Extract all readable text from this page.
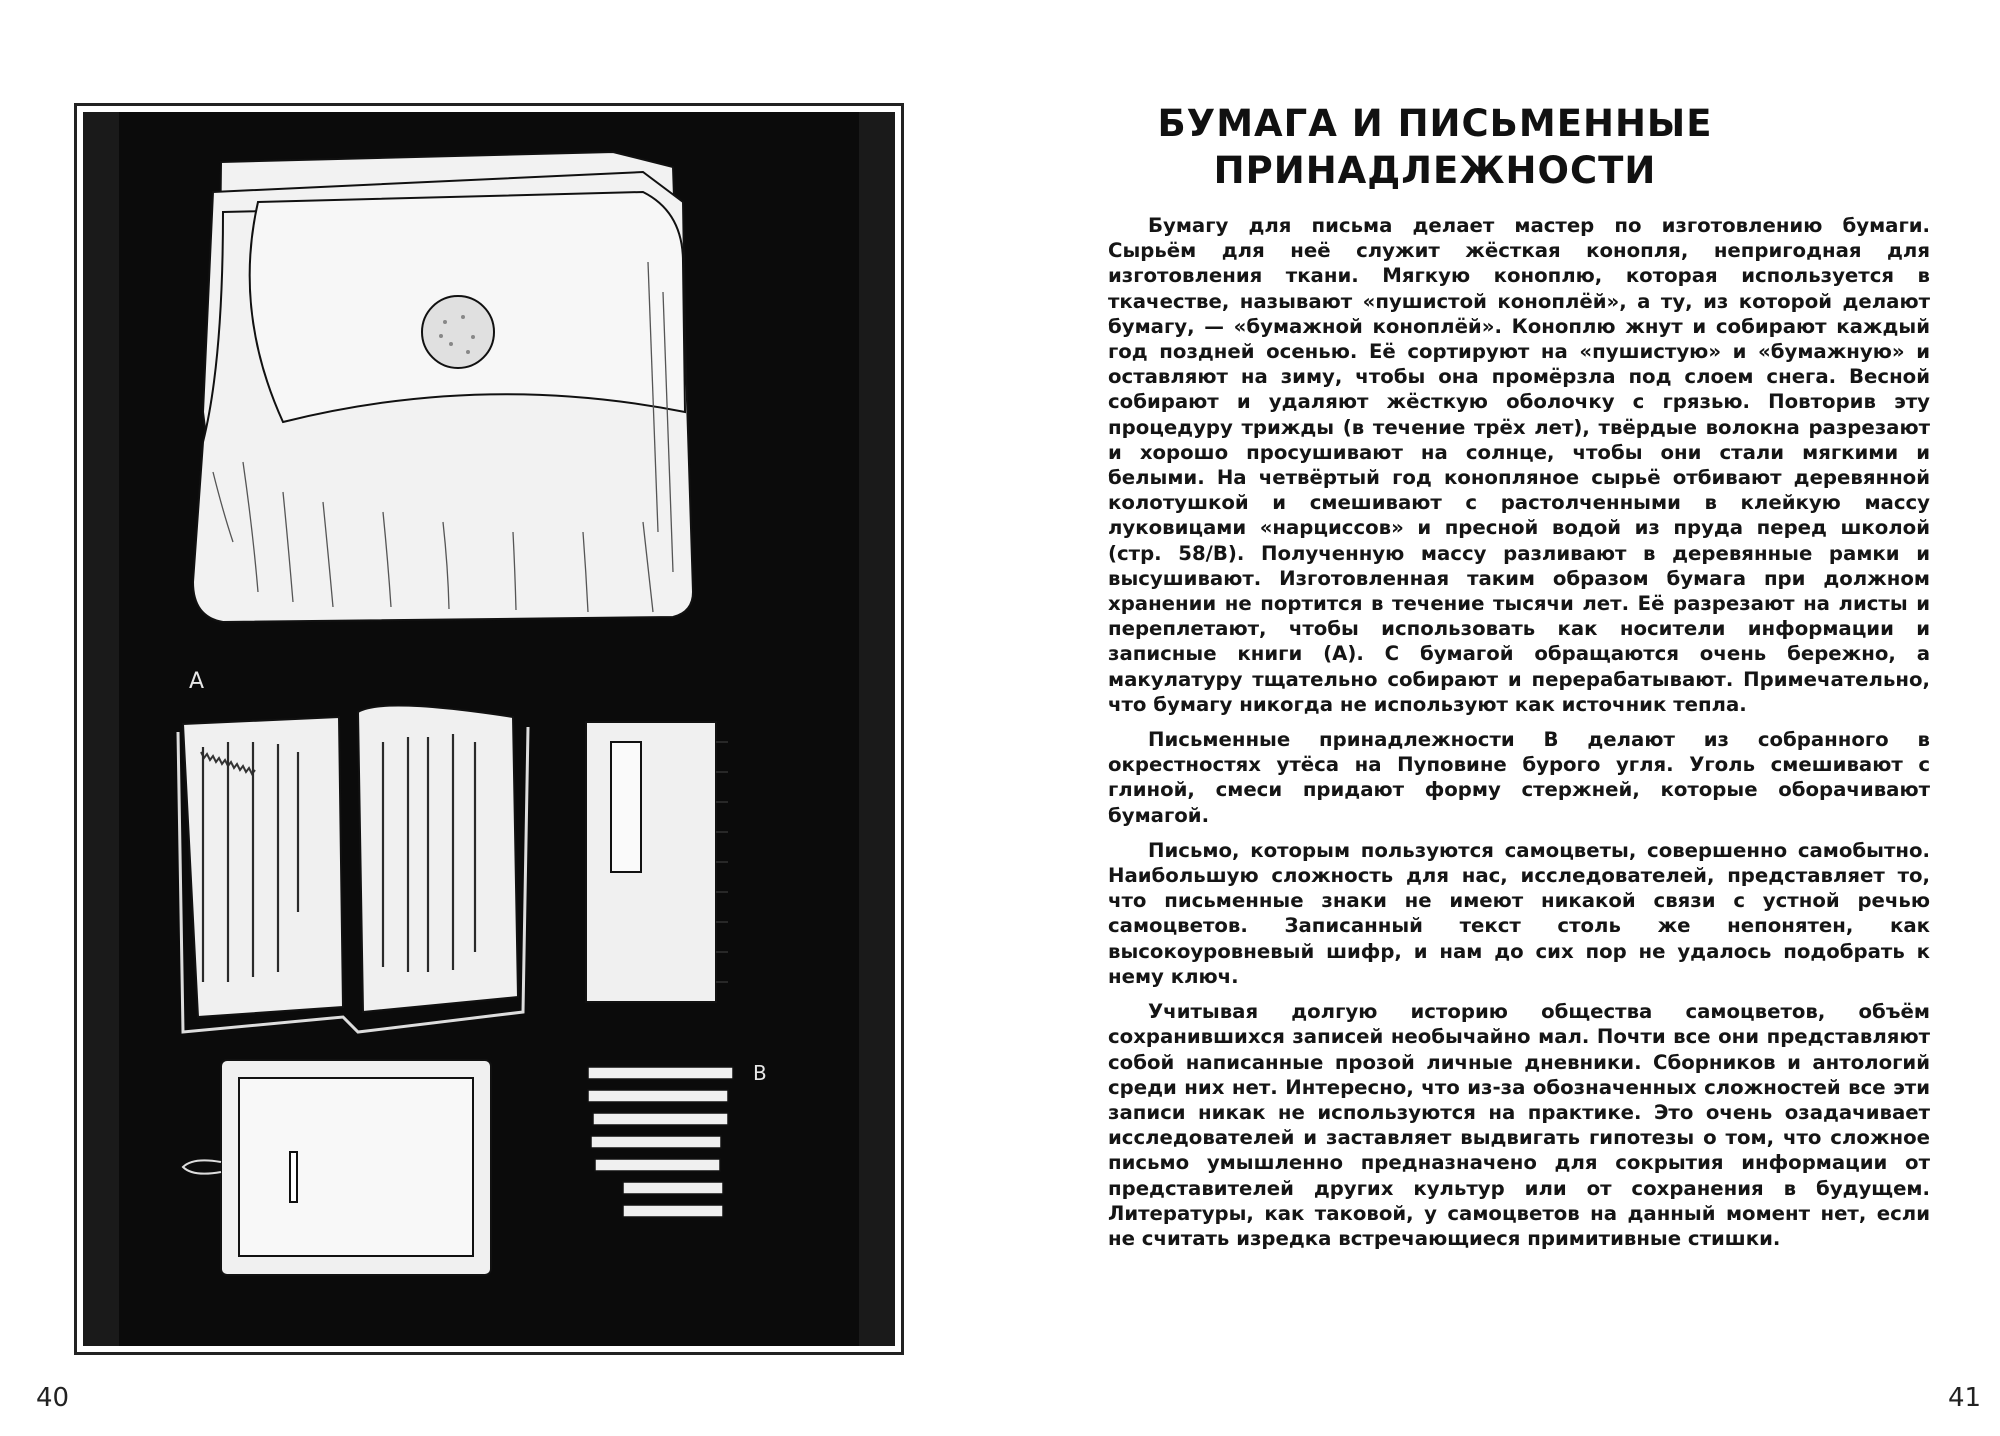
A
B
40
БУМАГА И ПИСЬМЕННЫЕ
ПРИНАДЛЕЖНОСТИ

Бумагу для письма делает мастер по изготовлению бумаги. Сырьём для неё служит жёсткая конопля, непригодная для изготовления ткани. Мягкую коноплю, которая используется в ткачестве, называют «пушистой коноплёй», а ту, из которой делают бумагу, — «бумажной коноплёй». Коноплю жнут и собирают каждый год поздней осенью. Её сортируют на «пушистую» и «бумажную» и оставляют на зиму, чтобы она промёрзла под слоем снега. Весной собирают и удаляют жёсткую оболочку с грязью. Повторив эту процедуру трижды (в течение трёх лет), твёрдые волокна разрезают и хорошо просушивают на солнце, чтобы они стали мягкими и белыми. На четвёртый год конопляное сырьё отбивают деревянной колотушкой и смешивают с растолченными в клейкую массу луковицами «нарциссов» и пресной водой из пруда перед школой (стр. 58/В). Полученную массу разливают в деревянные рамки и высушивают. Изготовленная таким образом бумага при должном хранении не портится в течение тысячи лет. Её разрезают на листы и переплетают, чтобы использовать как носители информации и записные книги (А). С бумагой обращаются очень бережно, а макулатуру тщательно собирают и перерабатывают. Примечательно, что бумагу никогда не используют как источник тепла.

Письменные принадлежности В делают из собранного в окрестностях утёса на Пуповине бурого угля. Уголь смешивают с глиной, смеси придают форму стержней, которые оборачивают бумагой.

Письмо, которым пользуются самоцветы, совершенно самобытно. Наибольшую сложность для нас, исследователей, представляет то, что письменные знаки не имеют никакой связи с устной речью самоцветов. Записанный текст столь же непонятен, как высокоуровневый шифр, и нам до сих пор не удалось подобрать к нему ключ.

Учитывая долгую историю общества самоцветов, объём сохранившихся записей необычайно мал. Почти все они представляют собой написанные прозой личные дневники. Сборников и антологий среди них нет. Интересно, что из-за обозначенных сложностей все эти записи никак не используются на практике. Это очень озадачивает исследователей и заставляет выдвигать гипотезы о том, что сложное письмо умышленно предназначено для сокрытия информации от представителей других культур или от сохранения в будущем. Литературы, как таковой, у самоцветов на данный момент нет, если не считать изредка встречающиеся примитивные стишки.

41
